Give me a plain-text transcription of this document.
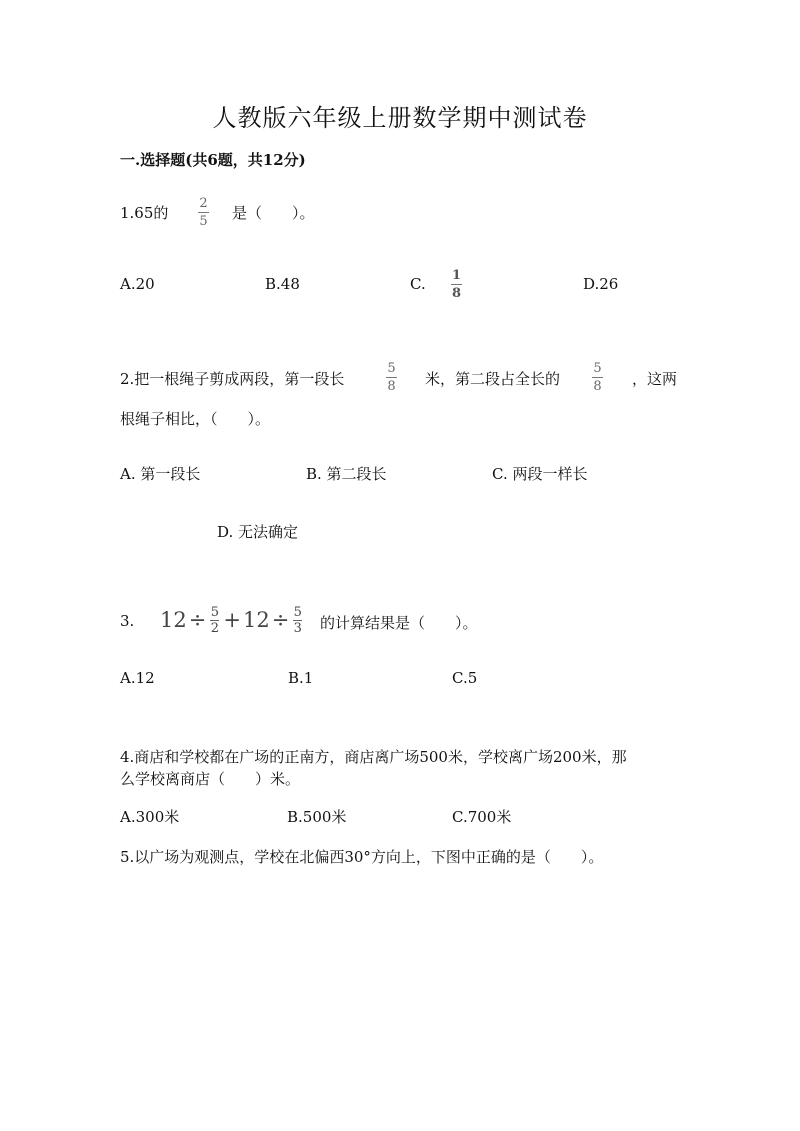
人教版六年级上册数学期中测试卷
一.选择题(共6题，共12分)
1.65的
2
5 是（　　）。
A.20	B.48	C. 1
8
D.26
2.把一根绳子剪成两段，第一段长
5
8 米，第二段占全长的
5
8 ，这两
根绳子相比，（　　）。
A. 第一段长	B. 第二段长	C. 两段一样长
D. 无法确定
3. 12 ÷ 5
2 + 12 ÷ 5
3 的计算结果是（　　）。
A.12	B.1	C.5
4.商店和学校都在广场的正南方，商店离广场500米，学校离广场200米，那
么学校离商店（　　）米。
A.300米	B.500米	C.700米
5.以广场为观测点，学校在北偏西30°方向上，下图中正确的是（　　）。
